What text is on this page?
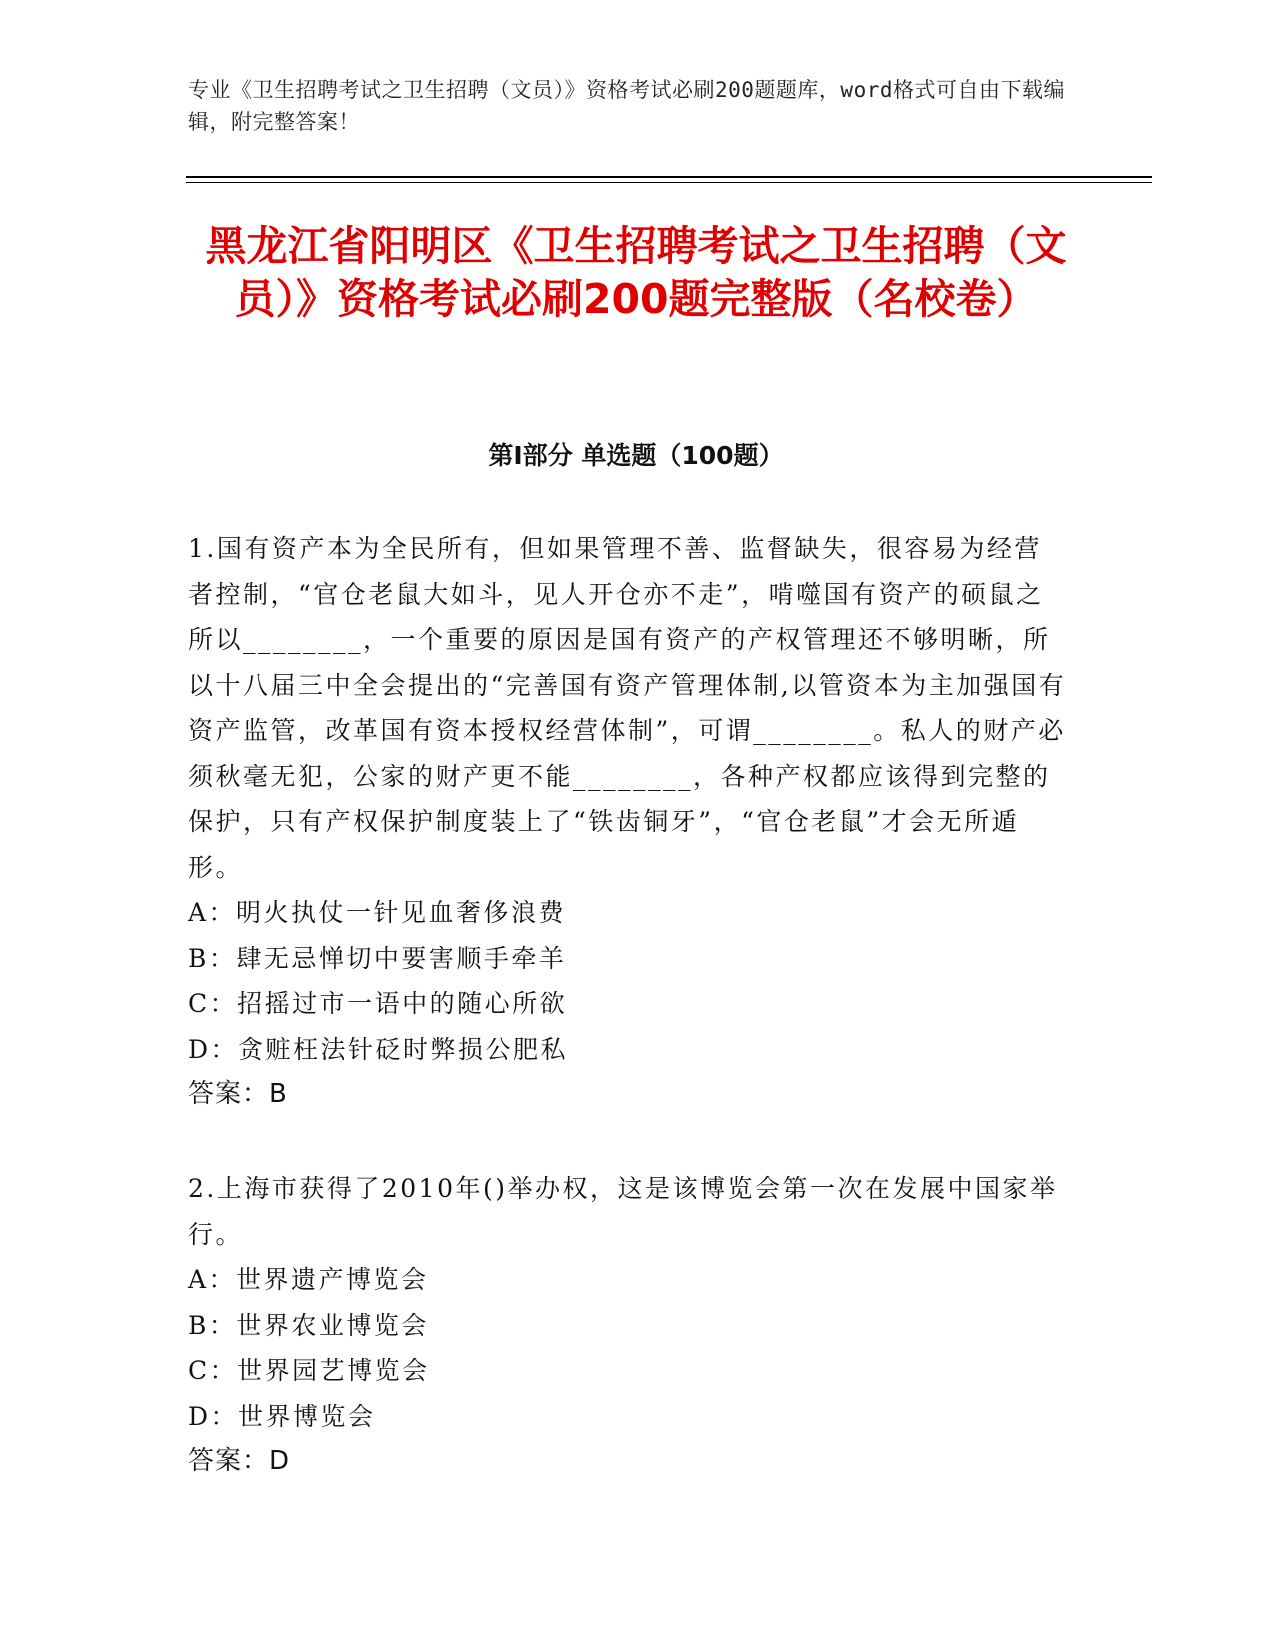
专业《卫生招聘考试之卫生招聘（文员）》资格考试必刷200题题库，word格式可自由下载编辑，附完整答案！
黑龙江省阳明区《卫生招聘考试之卫生招聘（文员）》资格考试必刷200题完整版（名校卷）
第Ⅰ部分 单选题（100题）

1.国有资产本为全民所有，但如果管理不善、监督缺失，很容易为经营者控制，“官仓老鼠大如斗，见人开仓亦不走”，啃噬国有资产的硕鼠之所以________，一个重要的原因是国有资产的产权管理还不够明晰，所以十八届三中全会提出的“完善国有资产管理体制,以管资本为主加强国有资产监管，改革国有资本授权经营体制”，可谓________。私人的财产必须秋毫无犯，公家的财产更不能________，各种产权都应该得到完整的保护，只有产权保护制度装上了“铁齿铜牙”，“官仓老鼠”才会无所遁形。

A：明火执仗一针见血奢侈浪费

B：肆无忌惮切中要害顺手牵羊

C：招摇过市一语中的随心所欲

D：贪赃枉法针砭时弊损公肥私

答案：B

2.上海市获得了2010年()举办权，这是该博览会第一次在发展中国家举行。

A：世界遗产博览会

B：世界农业博览会

C：世界园艺博览会

D：世界博览会

答案：D
